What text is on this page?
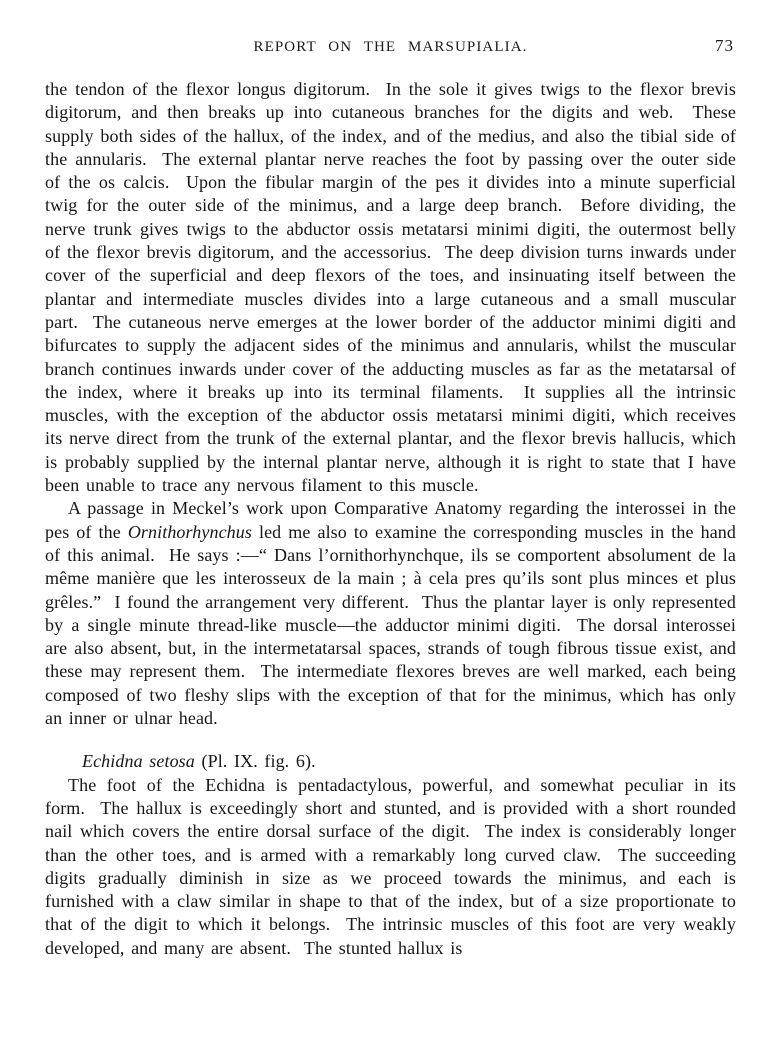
REPORT ON THE MARSUPIALIA.	73

the tendon of the flexor longus digitorum.  In the sole it gives twigs to the flexor brevis digitorum, and then breaks up into cutaneous branches for the digits and web.  These supply both sides of the hallux, of the index, and of the medius, and also the tibial side of the annularis.  The external plantar nerve reaches the foot by passing over the outer side of the os calcis.  Upon the fibular margin of the pes it divides into a minute superficial twig for the outer side of the minimus, and a large deep branch.  Before dividing, the nerve trunk gives twigs to the abductor ossis metatarsi minimi digiti, the outermost belly of the flexor brevis digitorum, and the accessorius.  The deep division turns inwards under cover of the superficial and deep flexors of the toes, and insinuating itself between the plantar and intermediate muscles divides into a large cutaneous and a small muscular part.  The cutaneous nerve emerges at the lower border of the adductor minimi digiti and bifurcates to supply the adjacent sides of the minimus and annularis, whilst the muscular branch continues inwards under cover of the adducting muscles as far as the metatarsal of the index, where it breaks up into its terminal filaments.  It supplies all the intrinsic muscles, with the exception of the abductor ossis metatarsi minimi digiti, which receives its nerve direct from the trunk of the external plantar, and the flexor brevis hallucis, which is probably supplied by the internal plantar nerve, although it is right to state that I have been unable to trace any nervous filament to this muscle.

A passage in Meckel’s work upon Comparative Anatomy regarding the interossei in the pes of the Ornithorhynchus led me also to examine the corresponding muscles in the hand of this animal.  He says :—“ Dans l’ornithorhynchque, ils se comportent absolument de la même manière que les interosseux de la main ; à cela pres qu’ils sont plus minces et plus grêles.”  I found the arrangement very different.  Thus the plantar layer is only represented by a single minute thread-like muscle—the adductor minimi digiti.  The dorsal interossei are also absent, but, in the intermetatarsal spaces, strands of tough fibrous tissue exist, and these may represent them.  The intermediate flexores breves are well marked, each being composed of two fleshy slips with the exception of that for the minimus, which has only an inner or ulnar head.

Echidna setosa (Pl. IX. fig. 6).

The foot of the Echidna is pentadactylous, powerful, and somewhat peculiar in its form.  The hallux is exceedingly short and stunted, and is provided with a short rounded nail which covers the entire dorsal surface of the digit.  The index is considerably longer than the other toes, and is armed with a remarkably long curved claw.  The succeeding digits gradually diminish in size as we proceed towards the minimus, and each is furnished with a claw similar in shape to that of the index, but of a size proportionate to that of the digit to which it belongs.  The intrinsic muscles of this foot are very weakly developed, and many are absent.  The stunted hallux is
